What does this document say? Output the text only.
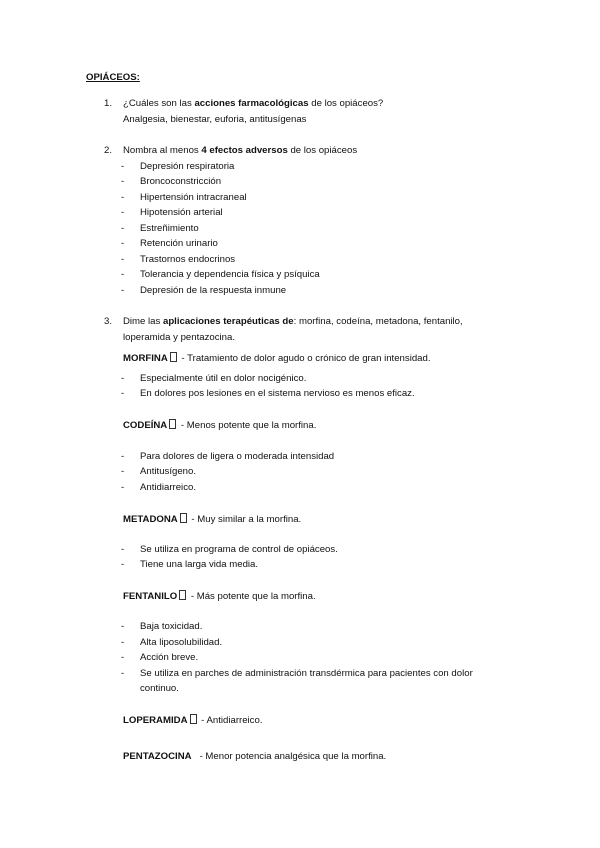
OPIÁCEOS:
1.	¿Cuáles son las acciones farmacológicas de los opiáceos?
Analgesia, bienestar, euforia, antitusígenas
2.	Nombra al menos 4 efectos adversos de los opiáceos
-	Depresión respiratoria
-	Broncoconstricción
-	Hipertensión intracraneal
-	Hipotensión arterial
-	Estreñimiento
-	Retención urinario
-	Trastornos endocrinos
-	Tolerancia y dependencia física y psíquica
-	Depresión de la respuesta inmune
3.	Dime las aplicaciones terapéuticas de: morfina, codeína, metadona, fentanilo,
loperamida y pentazocina.
MORFINA - Tratamiento de dolor agudo o crónico de gran intensidad.
-	Especialmente útil en dolor nocigénico.
-	En dolores pos lesiones en el sistema nervioso es menos eficaz.
CODEÍNA - Menos potente que la morfina.
-	Para dolores de ligera o moderada intensidad
-	Antitusígeno.
-	Antidiarreico.
METADONA - Muy similar a la morfina.
-	Se utiliza en programa de control de opiáceos.
-	Tiene una larga vida media.
FENTANILO - Más potente que la morfina.
-	Baja toxicidad.
-	Alta liposolubilidad.
-	Acción breve.
-	Se utiliza en parches de administración transdérmica para pacientes con dolor
continuo.
LOPERAMIDA - Antidiarreico.
PENTAZOCINA   - Menor potencia analgésica que la morfina.
